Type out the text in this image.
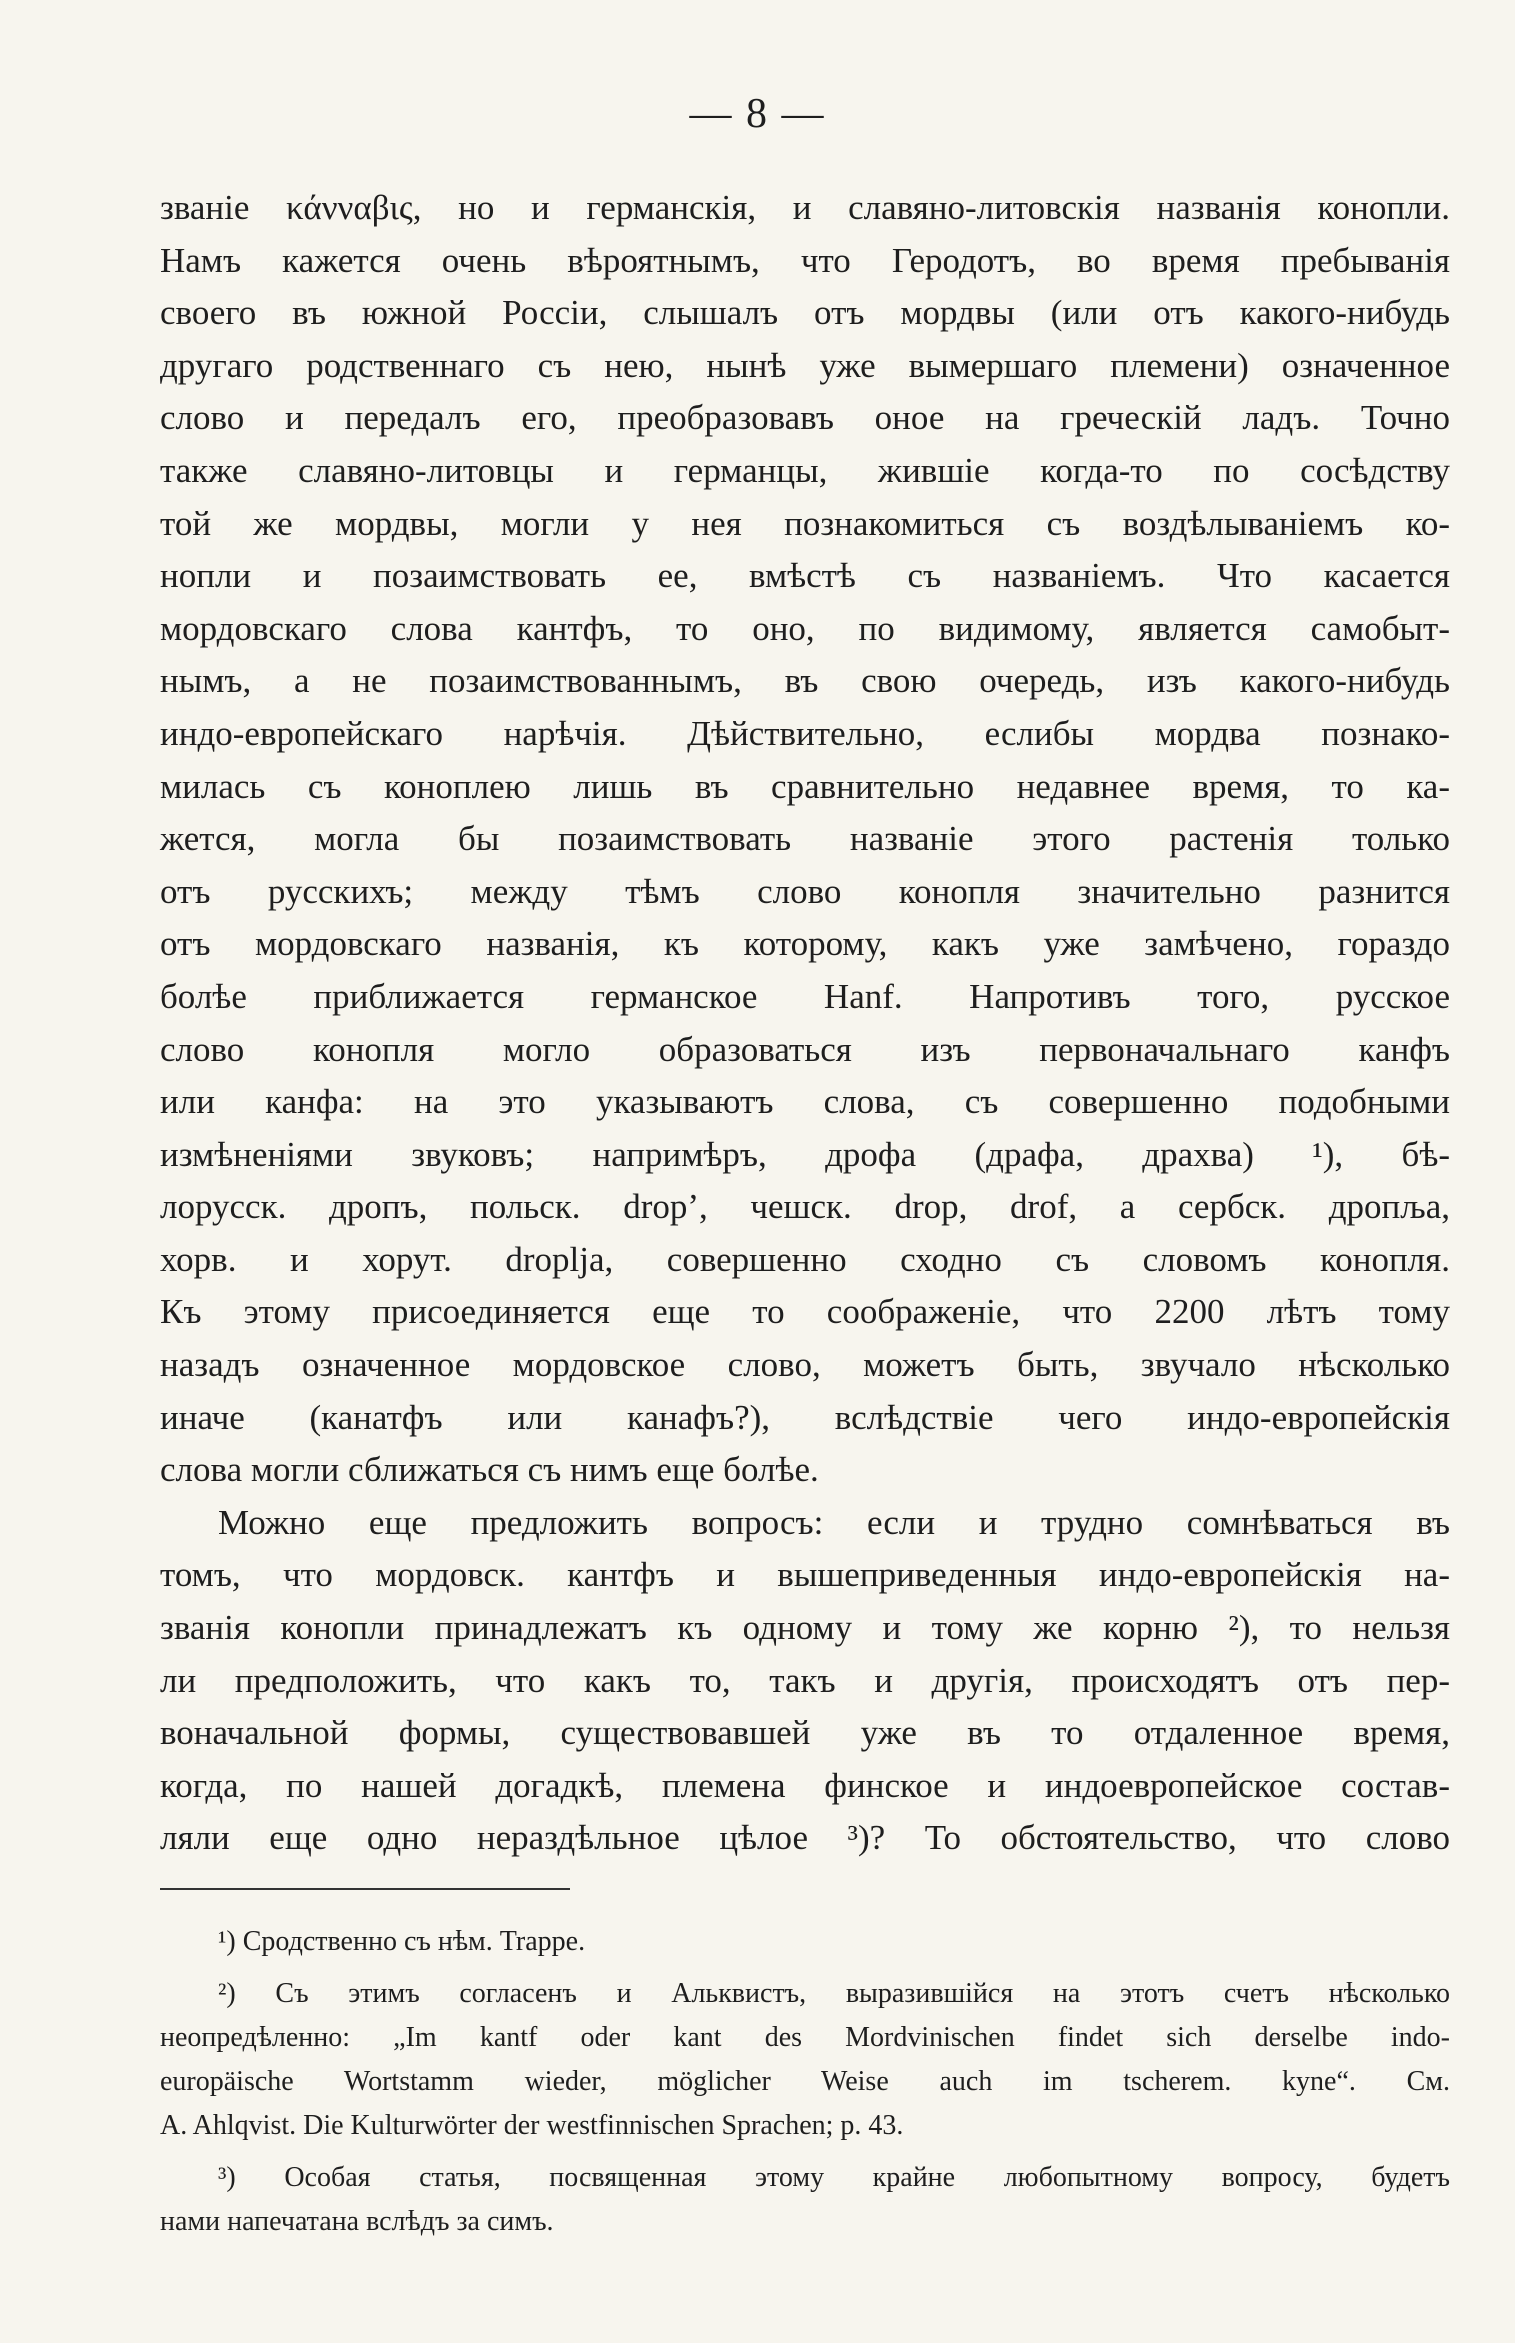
— 8 —
званіе κάνναβις, но и германскія, и славяно-литовскія названія конопли.
Намъ кажется очень вѣроятнымъ, что Геродотъ, во время пребыванія
своего въ южной Россіи, слышалъ отъ мордвы (или отъ какого-нибудь
другаго родственнаго съ нею, нынѣ уже вымершаго племени) означенное
слово и передалъ его, преобразовавъ оное на греческій ладъ. Точно
также славяно-литовцы и германцы, жившіе когда-то по сосѣдству
той же мордвы, могли у нея познакомиться съ воздѣлываніемъ ко-
нопли и позаимствовать ее, вмѣстѣ съ названіемъ. Что касается
мордовскаго слова кантфъ, то оно, по видимому, является самобыт-
нымъ, а не позаимствованнымъ, въ свою очередь, изъ какого-нибудь
индо-европейскаго нарѣчія. Дѣйствительно, еслибы мордва познако-
милась съ коноплею лишь въ сравнительно недавнее время, то ка-
жется, могла бы позаимствовать названіе этого растенія только
отъ русскихъ; между тѣмъ слово конопля значительно разнится
отъ мордовскаго названія, къ которому, какъ уже замѣчено, гораздо
болѣе приближается германское Hanf. Напротивъ того, русское
слово конопля могло образоваться изъ первоначальнаго канфъ
или канфа: на это указываютъ слова, съ совершенно подобными
измѣненіями звуковъ; напримѣръ, дрофа (драфа, драхва) ¹), бѣ-
лорусск. дропъ, польск. drop’, чешск. drop, drof, а сербск. дропља,
хорв. и хорут. dropljа, совершенно сходно съ словомъ конопля.
Къ этому присоединяется еще то соображеніе, что 2200 лѣтъ тому
назадъ означенное мордовское слово, можетъ быть, звучало нѣсколько
иначе (канатфъ или канафъ?), вслѣдствіе чего индо-европейскія
слова могли сближаться съ нимъ еще болѣе.
Можно еще предложить вопросъ: если и трудно сомнѣваться въ
томъ, что мордовск. кантфъ и вышеприведенныя индо-европейскія на-
званія конопли принадлежатъ къ одному и тому же корню ²), то нельзя
ли предположить, что какъ то, такъ и другія, происходятъ отъ пер-
воначальной формы, существовавшей уже въ то отдаленное время,
когда, по нашей догадкѣ, племена финское и индоевропейское состав-
ляли еще одно нераздѣльное цѣлое ³)? То обстоятельство, что слово
¹) Сродственно съ нѣм. Trappe.
²) Съ этимъ согласенъ и Альквистъ, выразившійся на этотъ счетъ нѣсколько
неопредѣленно: „Im kantf oder kant des Mordvinischen findet sich derselbe indo-
europäische Wortstamm wieder, möglicher Weise auch im tscherem. kyne“. См.
A. Ahlqvist. Die Kulturwörter der westfinnischen Sprachen; p. 43.
³) Особая статья, посвященная этому крайне любопытному вопросу, будетъ
нами напечатана вслѣдъ за симъ.
